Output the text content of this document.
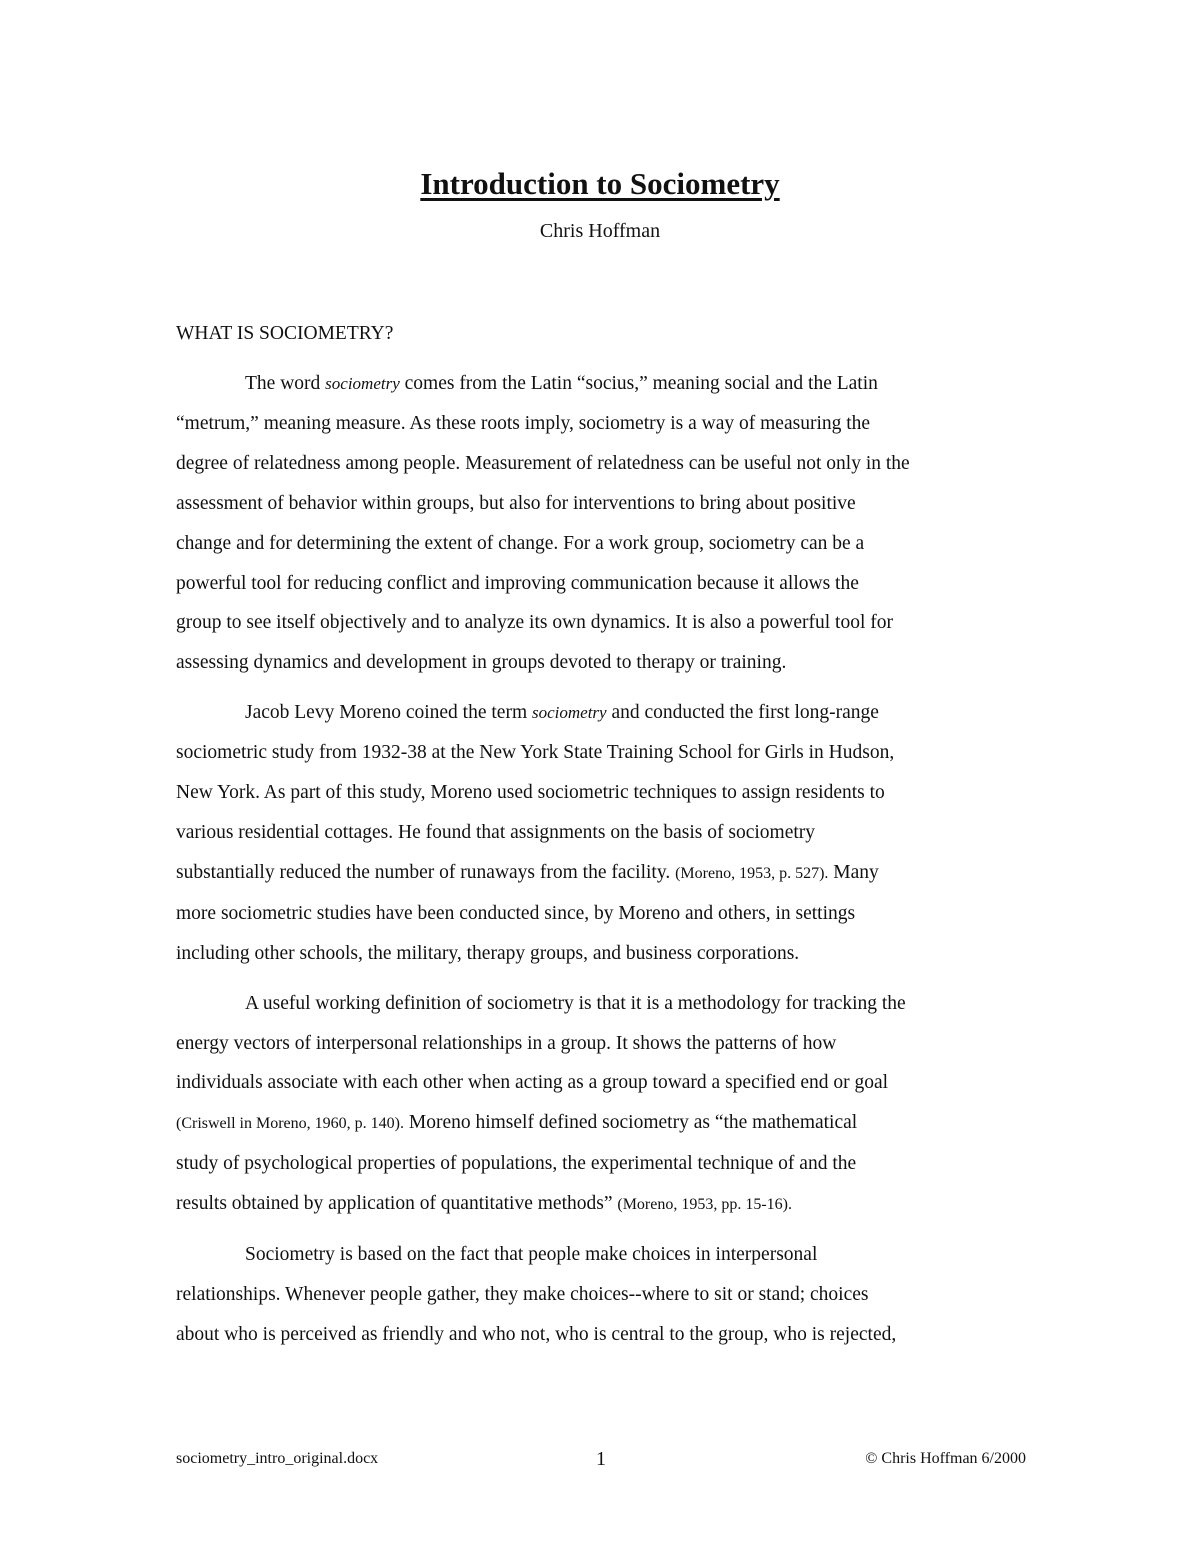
Introduction to Sociometry
Chris Hoffman
WHAT IS SOCIOMETRY?

The word sociometry comes from the Latin “socius,” meaning social and the Latin
“metrum,” meaning measure. As these roots imply, sociometry is a way of measuring the
degree of relatedness among people. Measurement of relatedness can be useful not only in the
assessment of behavior within groups, but also for interventions to bring about positive
change and for determining the extent of change. For a work group, sociometry can be a
powerful tool for reducing conflict and improving communication because it allows the
group to see itself objectively and to analyze its own dynamics. It is also a powerful tool for
assessing dynamics and development in groups devoted to therapy or training.

Jacob Levy Moreno coined the term sociometry and conducted the first long-range
sociometric study from 1932-38 at the New York State Training School for Girls in Hudson,
New York. As part of this study, Moreno used sociometric techniques to assign residents to
various residential cottages. He found that assignments on the basis of sociometry
substantially reduced the number of runaways from the facility. (Moreno, 1953, p. 527). Many
more sociometric studies have been conducted since, by Moreno and others, in settings
including other schools, the military, therapy groups, and business corporations.

A useful working definition of sociometry is that it is a methodology for tracking the
energy vectors of interpersonal relationships in a group. It shows the patterns of how
individuals associate with each other when acting as a group toward a specified end or goal
(Criswell in Moreno, 1960, p. 140). Moreno himself defined sociometry as “the mathematical
study of psychological properties of populations, the experimental technique of and the
results obtained by application of quantitative methods” (Moreno, 1953, pp. 15-16).

Sociometry is based on the fact that people make choices in interpersonal
relationships. Whenever people gather, they make choices--where to sit or stand; choices
about who is perceived as friendly and who not, who is central to the group, who is rejected,

sociometry_intro_original.docx	1	© Chris Hoffman 6/2000
